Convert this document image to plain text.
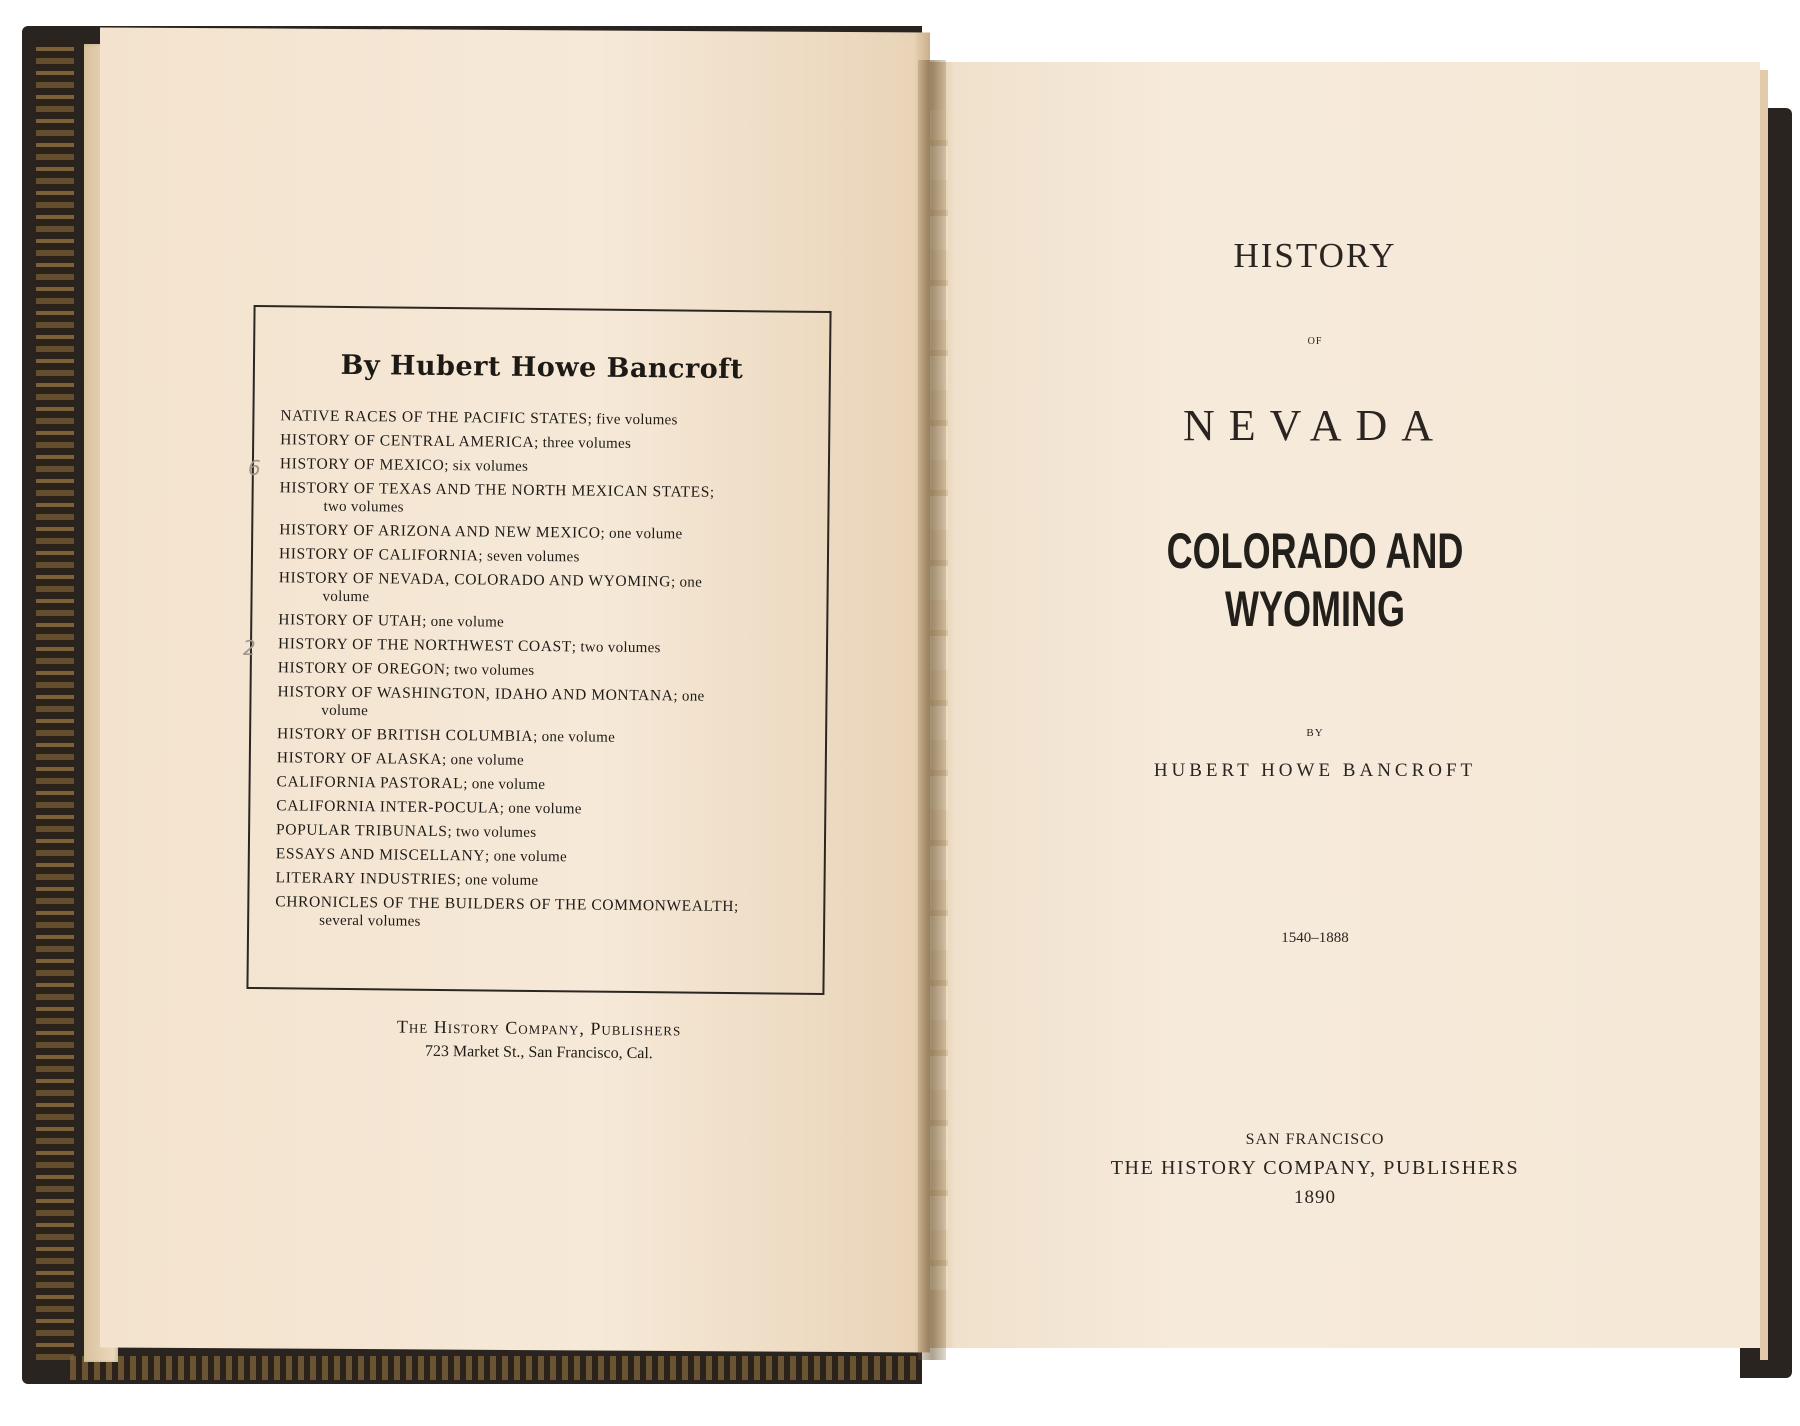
By Hubert Howe Bancroft
NATIVE RACES OF THE PACIFIC STATES; five volumes
HISTORY OF CENTRAL AMERICA; three volumes
HISTORY OF MEXICO; six volumes
HISTORY OF TEXAS AND THE NORTH MEXICAN STATES;
two volumes
HISTORY OF ARIZONA AND NEW MEXICO; one volume
HISTORY OF CALIFORNIA; seven volumes
HISTORY OF NEVADA, COLORADO AND WYOMING; one
volume
HISTORY OF UTAH; one volume
HISTORY OF THE NORTHWEST COAST; two volumes
HISTORY OF OREGON; two volumes
HISTORY OF WASHINGTON, IDAHO AND MONTANA; one
volume
HISTORY OF BRITISH COLUMBIA; one volume
HISTORY OF ALASKA; one volume
CALIFORNIA PASTORAL; one volume
CALIFORNIA INTER-POCULA; one volume
POPULAR TRIBUNALS; two volumes
ESSAYS AND MISCELLANY; one volume
LITERARY INDUSTRIES; one volume
CHRONICLES OF THE BUILDERS OF THE COMMONWEALTH;
several volumes
6
2
The History Company, Publishers
723 Market St., San Francisco, Cal.
HISTORY
OF
NEVADA
COLORADO AND WYOMING
BY
HUBERT HOWE BANCROFT
1540–1888
SAN FRANCISCO
THE HISTORY COMPANY, PUBLISHERS
1890
